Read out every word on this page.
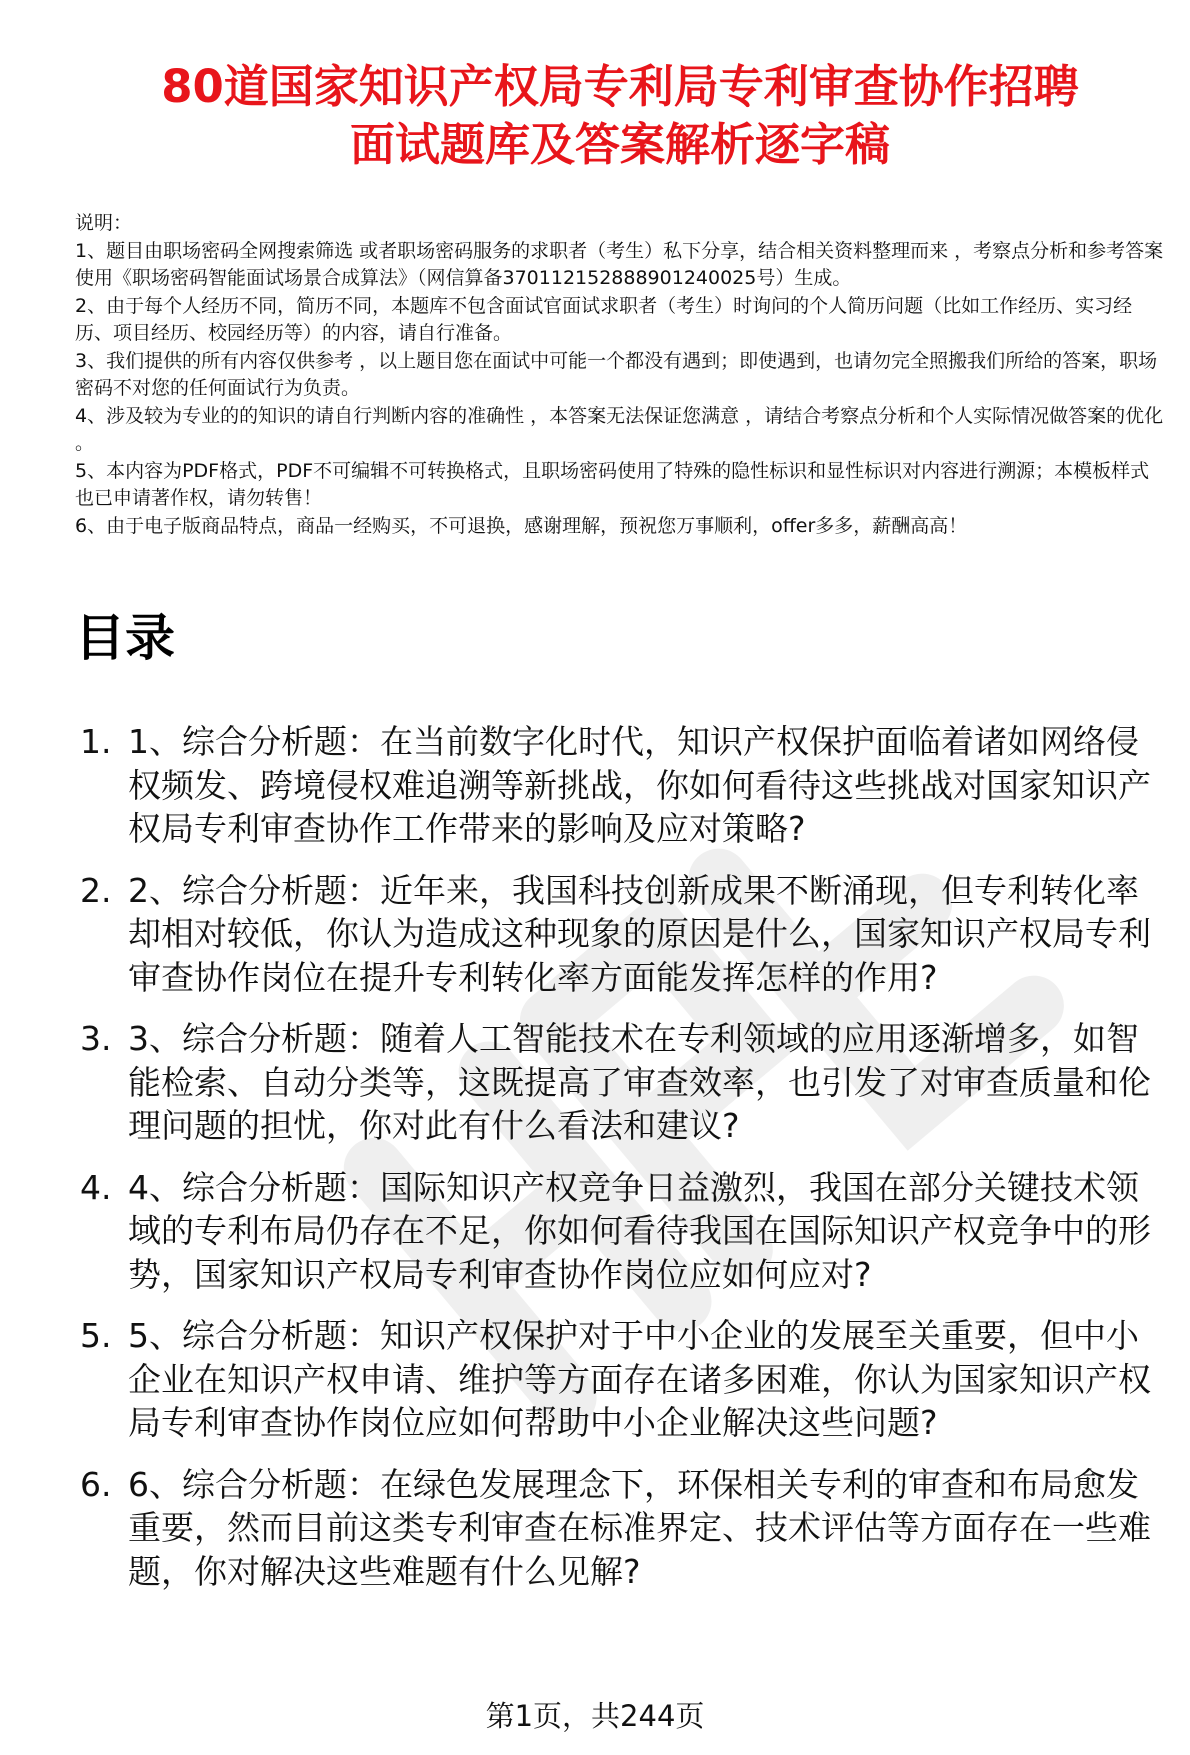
80道国家知识产权局专利局专利审查协作招聘
面试题库及答案解析逐字稿

说明：

1、题目由职场密码全网搜索筛选 或者职场密码服务的求职者（考生）私下分享，结合相关资料整理而来 ，考察点分析和参考答案使用《职场密码智能面试场景合成算法》（网信算备370112152888901240025号）生成。

2、由于每个人经历不同，简历不同，本题库不包含面试官面试求职者（考生）时询问的个人简历问题（比如工作经历、实习经历、项目经历、校园经历等）的内容，请自行准备。

3、我们提供的所有内容仅供参考 ，以上题目您在面试中可能一个都没有遇到；即使遇到，也请勿完全照搬我们所给的答案，职场密码不对您的任何面试行为负责。

4、涉及较为专业的的知识的请自行判断内容的准确性 ，本答案无法保证您满意 ，请结合考察点分析和个人实际情况做答案的优化 。

5、本内容为PDF格式，PDF不可编辑不可转换格式，且职场密码使用了特殊的隐性标识和显性标识对内容进行溯源；本模板样式也已申请著作权，请勿转售！

6、由于电子版商品特点，商品一经购买，不可退换，感谢理解，预祝您万事顺利，offer多多，薪酬高高！

目录
1. 1、综合分析题：在当前数字化时代，知识产权保护面临着诸如网络侵权频发、跨境侵权难追溯等新挑战，你如何看待这些挑战对国家知识产权局专利审查协作工作带来的影响及应对策略?
2. 2、综合分析题：近年来，我国科技创新成果不断涌现，但专利转化率却相对较低，你认为造成这种现象的原因是什么，国家知识产权局专利审查协作岗位在提升专利转化率方面能发挥怎样的作用?
3. 3、综合分析题：随着人工智能技术在专利领域的应用逐渐增多，如智能检索、自动分类等，这既提高了审查效率，也引发了对审查质量和伦理问题的担忧，你对此有什么看法和建议?
4. 4、综合分析题：国际知识产权竞争日益激烈，我国在部分关键技术领域的专利布局仍存在不足，你如何看待我国在国际知识产权竞争中的形势，国家知识产权局专利审查协作岗位应如何应对?
5. 5、综合分析题：知识产权保护对于中小企业的发展至关重要，但中小企业在知识产权申请、维护等方面存在诸多困难，你认为国家知识产权局专利审查协作岗位应如何帮助中小企业解决这些问题?
6. 6、综合分析题：在绿色发展理念下，环保相关专利的审查和布局愈发重要，然而目前这类专利审查在标准界定、技术评估等方面存在一些难题，你对解决这些难题有什么见解?
第1页，共244页
